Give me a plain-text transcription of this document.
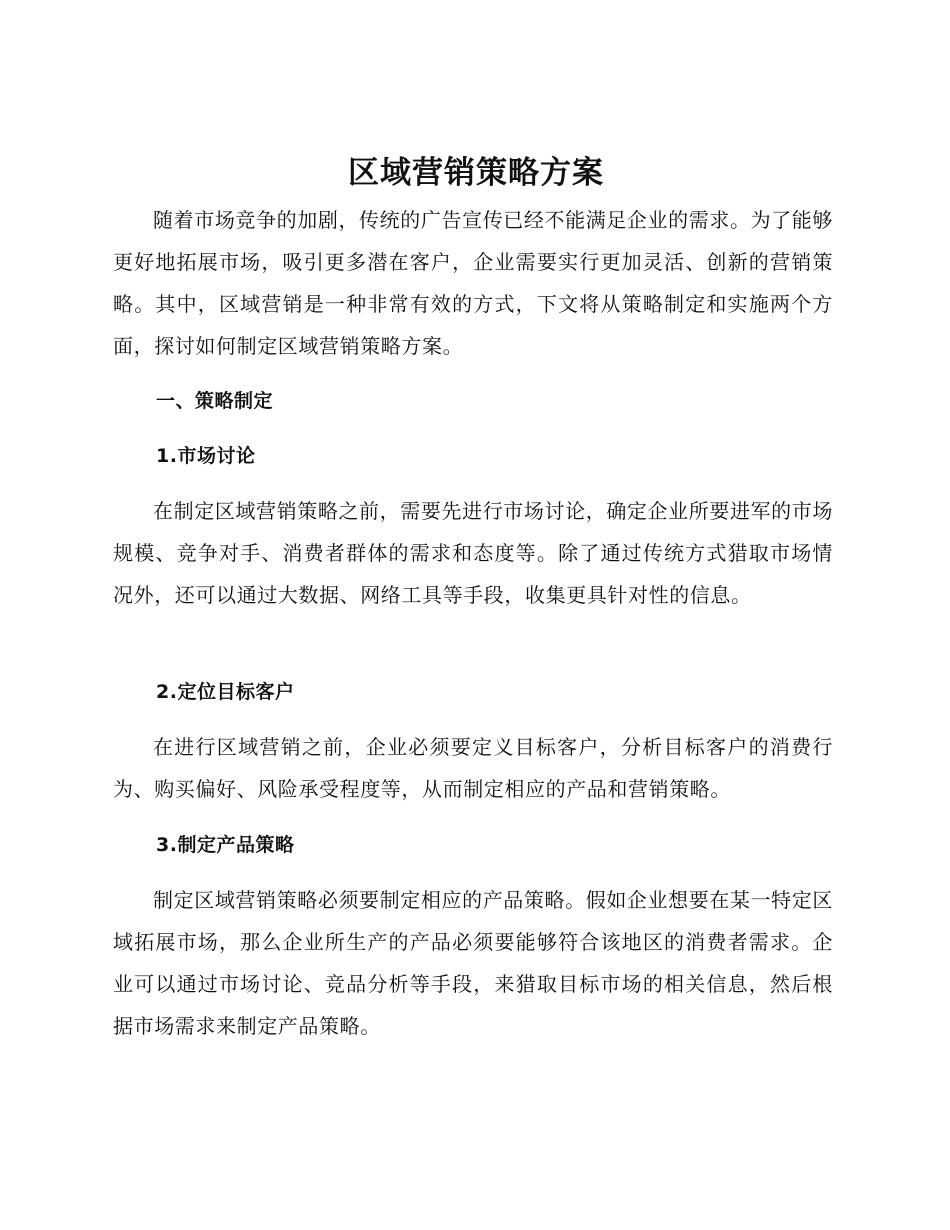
区域营销策略方案

随着市场竞争的加剧，传统的广告宣传已经不能满足企业的需求。为了能够更好地拓展市场，吸引更多潜在客户，企业需要实行更加灵活、创新的营销策略。其中，区域营销是一种非常有效的方式，下文将从策略制定和实施两个方面，探讨如何制定区域营销策略方案。

一、策略制定
1.市场讨论

在制定区域营销策略之前，需要先进行市场讨论，确定企业所要进军的市场规模、竞争对手、消费者群体的需求和态度等。除了通过传统方式猎取市场情况外，还可以通过大数据、网络工具等手段，收集更具针对性的信息。

2.定位目标客户

在进行区域营销之前，企业必须要定义目标客户，分析目标客户的消费行为、购买偏好、风险承受程度等，从而制定相应的产品和营销策略。

3.制定产品策略

制定区域营销策略必须要制定相应的产品策略。假如企业想要在某一特定区域拓展市场，那么企业所生产的产品必须要能够符合该地区的消费者需求。企业可以通过市场讨论、竞品分析等手段，来猎取目标市场的相关信息，然后根据市场需求来制定产品策略。
